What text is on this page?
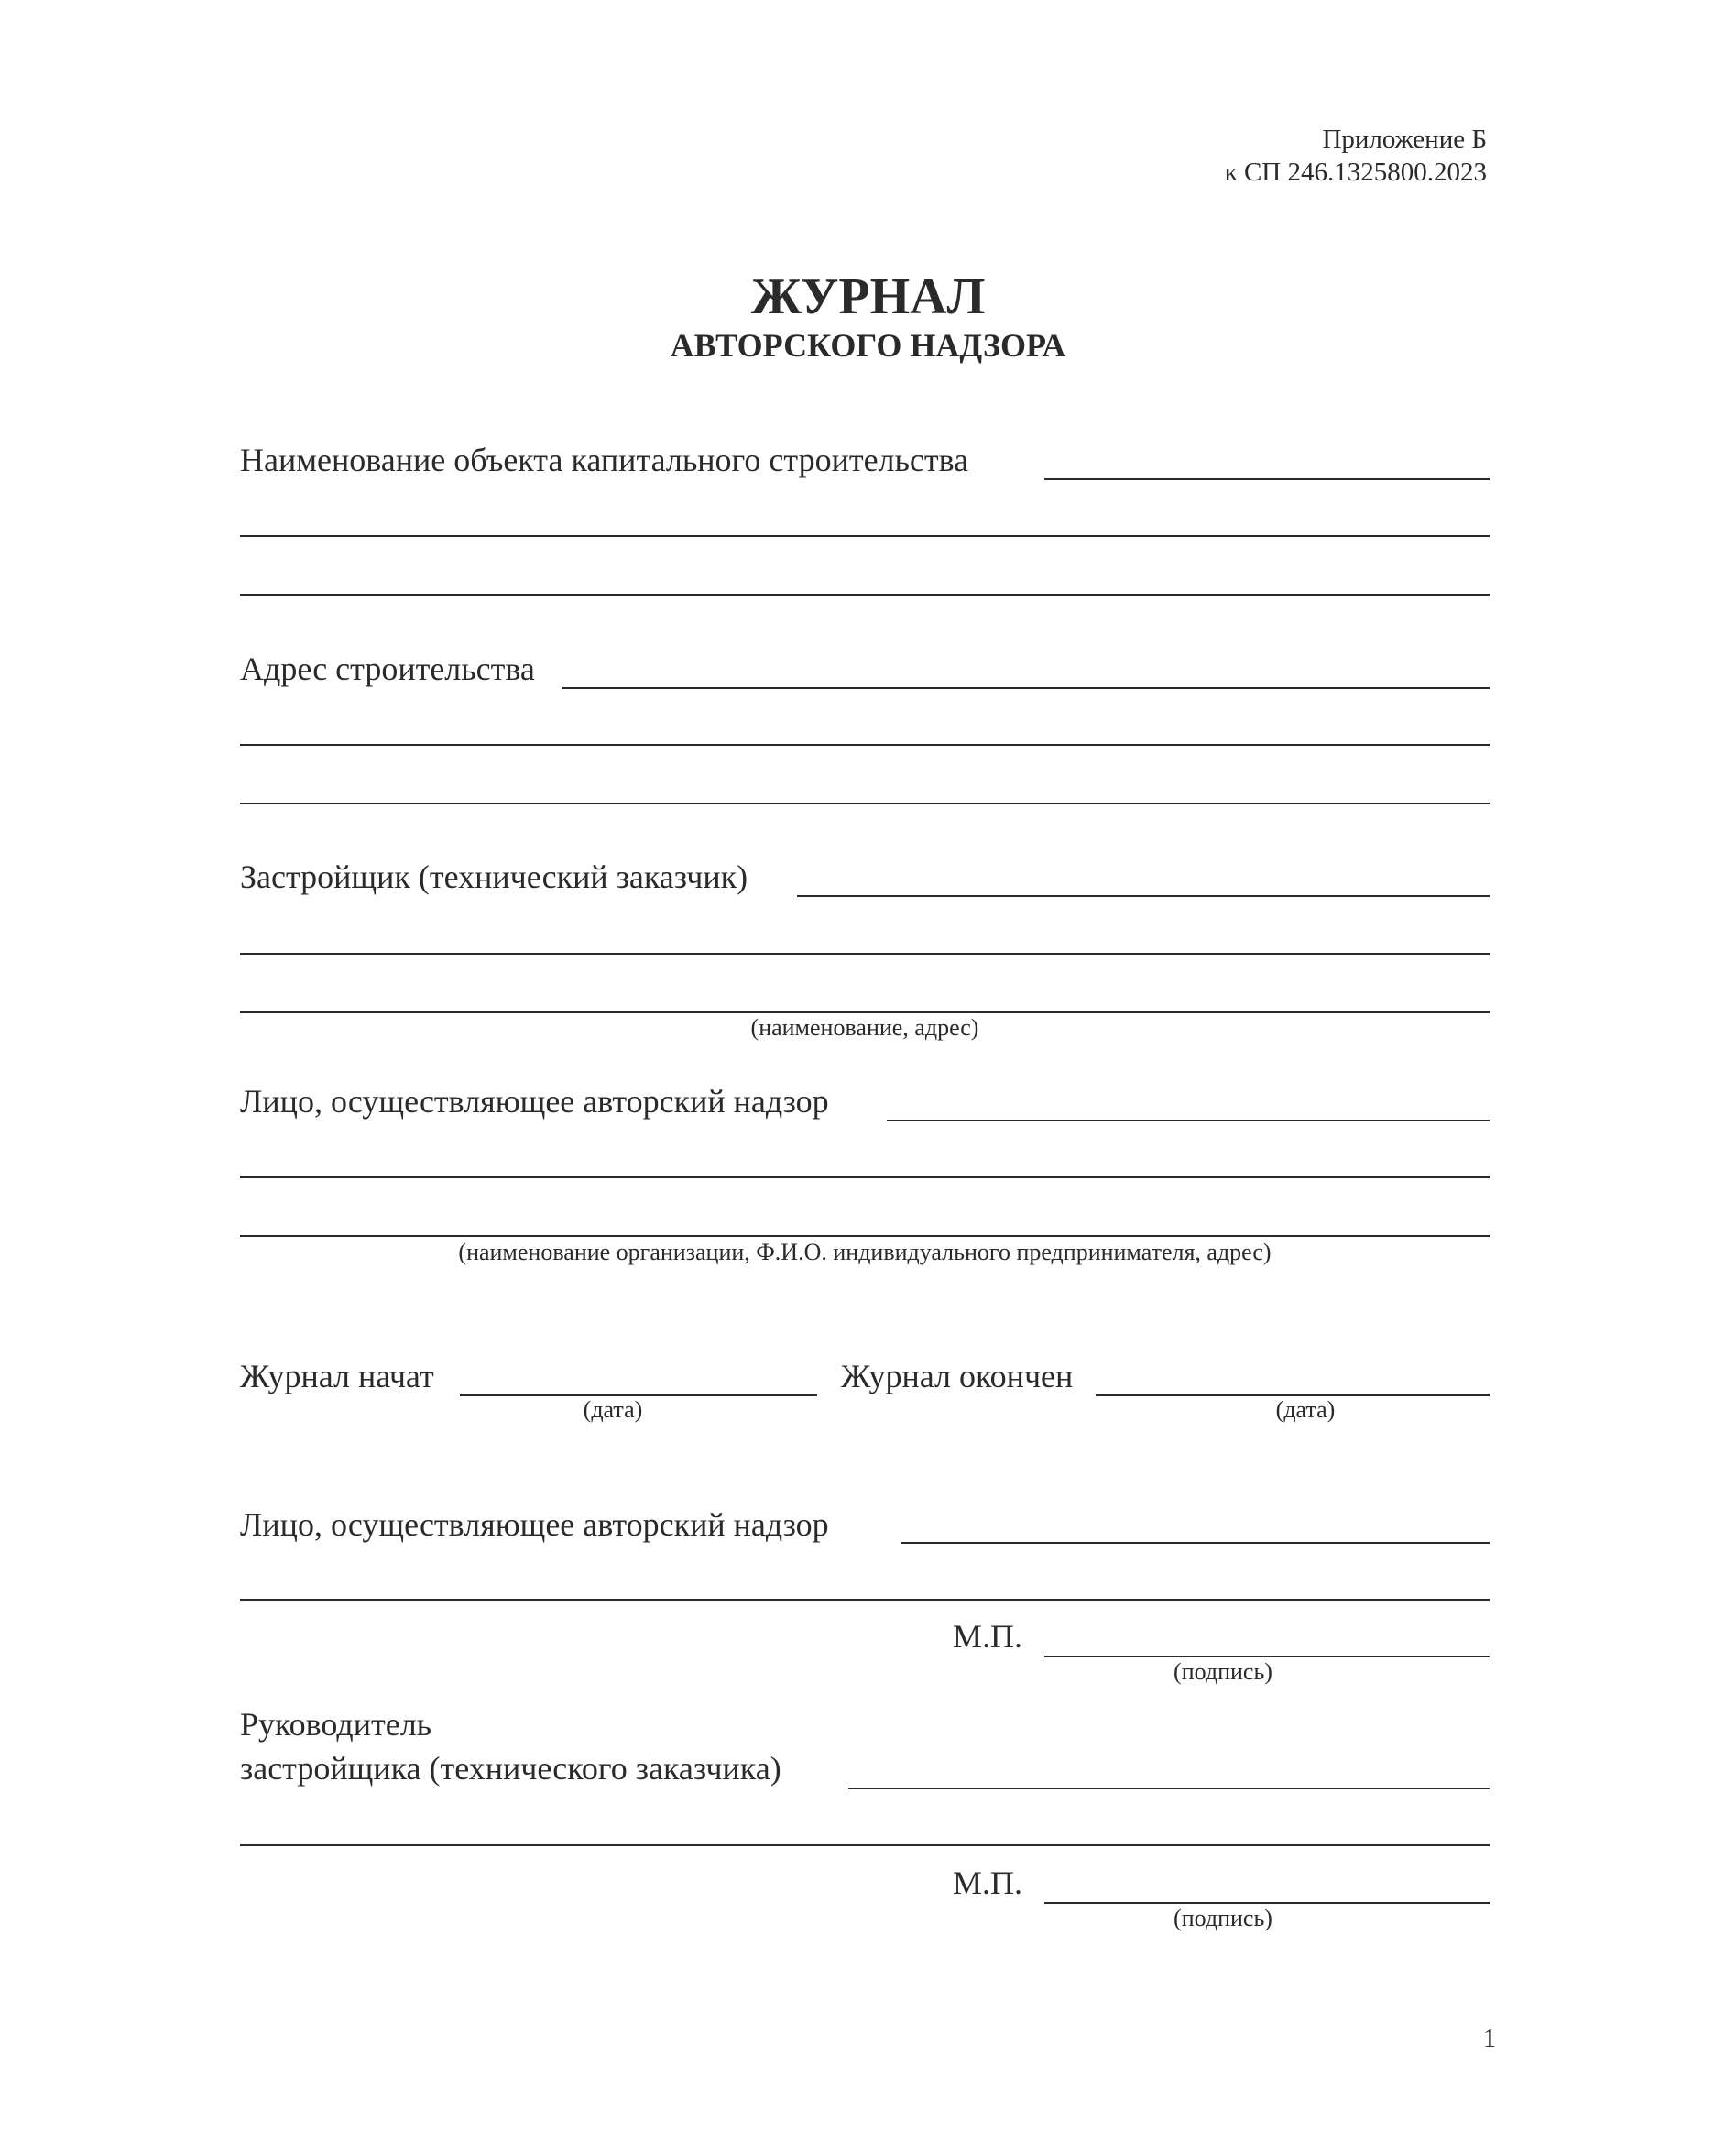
Приложение Б
к СП 246.1325800.2023
ЖУРНАЛ
АВТОРСКОГО НАДЗОРА
Наименование объекта капитального строительства
Адрес строительства
Застройщик (технический заказчик)
(наименование, адрес)
Лицо, осуществляющее авторский надзор
(наименование организации, Ф.И.О. индивидуального предпринимателя, адрес)
Журнал начат
(дата)
Журнал окончен
(дата)
Лицо, осуществляющее авторский надзор
М.П.
(подпись)
Руководитель
застройщика (технического заказчика)
М.П.
(подпись)
1
